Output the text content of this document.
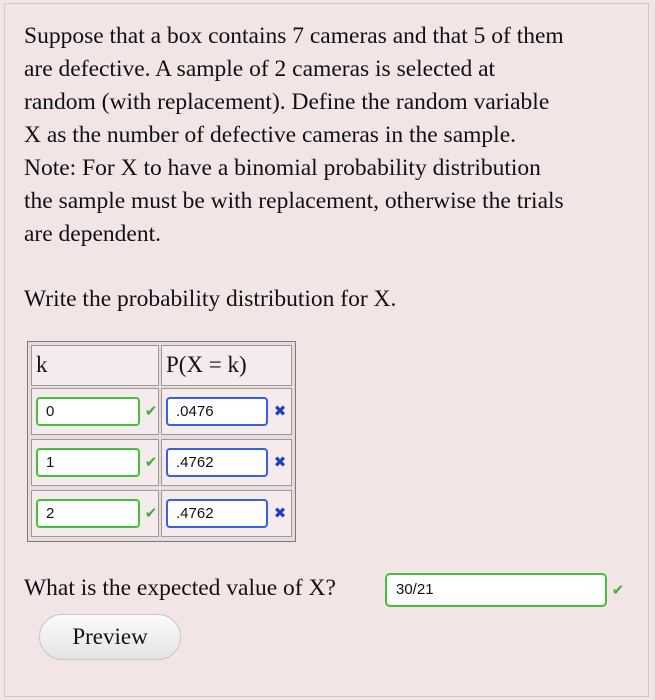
Suppose that a box contains 7 cameras and that 5 of them
are defective. A sample of 2 cameras is selected at
random (with replacement). Define the random variable
X as the number of defective cameras in the sample.
Note: For X to have a binomial probability distribution
the sample must be with replacement, otherwise the trials
are dependent.
Write the probability distribution for X.
k	P(X = k)
0	✔	.0476	✖
1	✔	.4762	✖
2	✔	.4762	✖
What is the expected value of X?	30/21	✔
Preview
